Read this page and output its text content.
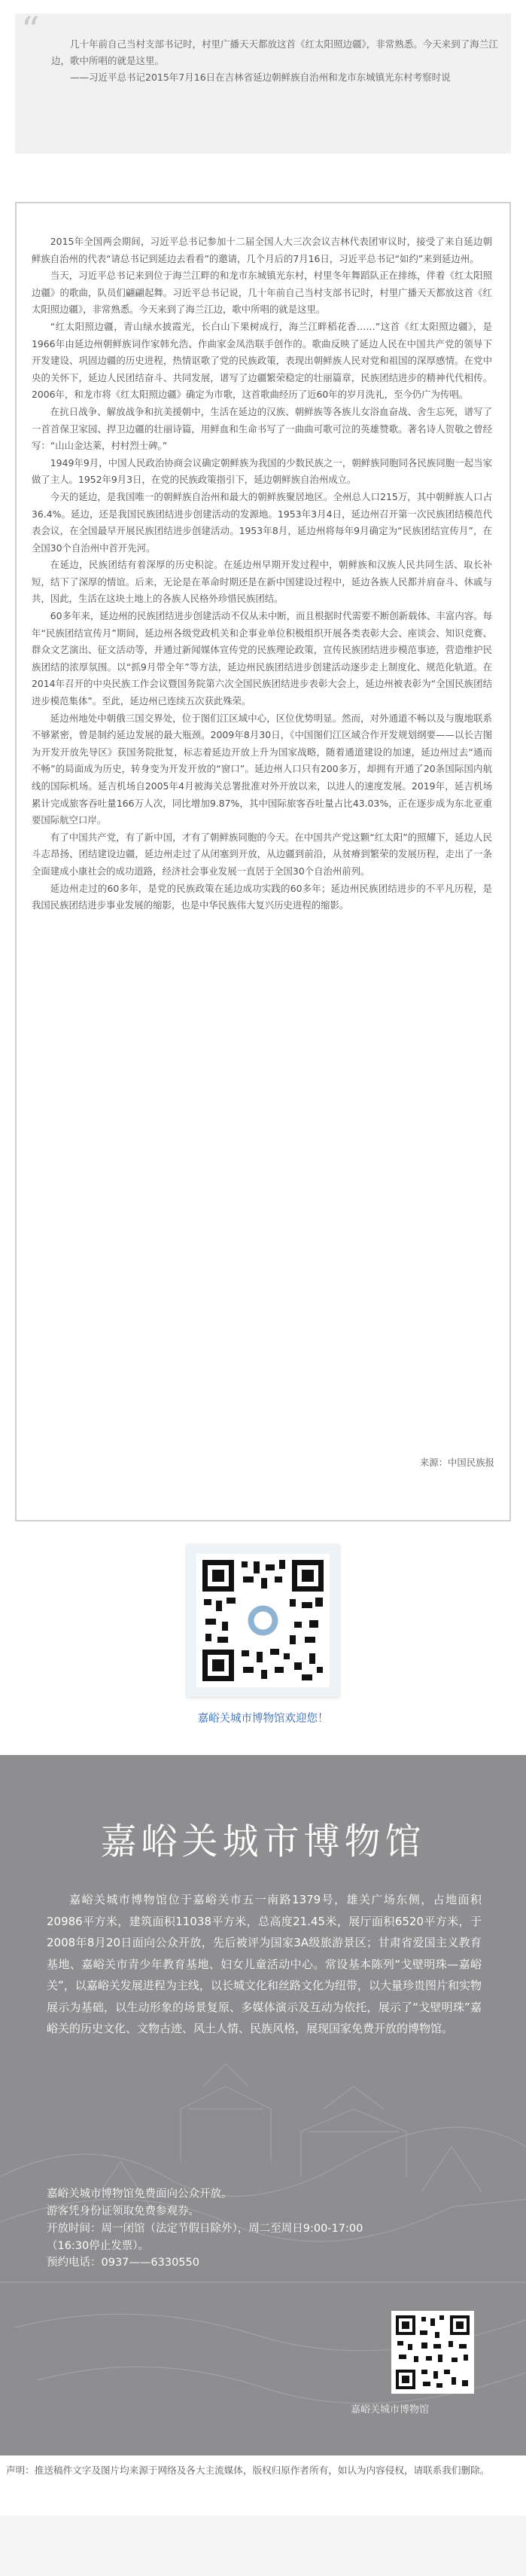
“	几十年前自己当村支部书记时，村里广播天天都放这首《红太阳照边疆》，非常熟悉。今天来到了海兰江边，歌中所唱的就是这里。

——习近平总书记2015年7月16日在吉林省延边朝鲜族自治州和龙市东城镇光东村考察时说

2015年全国两会期间，习近平总书记参加十二届全国人大三次会议吉林代表团审议时，接受了来自延边朝鲜族自治州的代表“请总书记到延边去看看”的邀请，几个月后的7月16日，习近平总书记“如约”来到延边州。

当天，习近平总书记来到位于海兰江畔的和龙市东城镇光东村，村里冬年舞蹈队正在排练，伴着《红太阳照边疆》的歌曲，队员们翩翩起舞。习近平总书记说，几十年前自己当村支部书记时，村里广播天天都放这首《红太阳照边疆》，非常熟悉。今天来到了海兰江边，歌中所唱的就是这里。

“红太阳照边疆，青山绿水披霞光，长白山下果树成行，海兰江畔稻花香……”这首《红太阳照边疆》，是1966年由延边州朝鲜族词作家韩允浩、作曲家金凤浩联手创作的。歌曲反映了延边人民在中国共产党的领导下开发建设、巩固边疆的历史进程，热情讴歌了党的民族政策，表现出朝鲜族人民对党和祖国的深厚感情。在党中央的关怀下，延边人民团结奋斗、共同发展，谱写了边疆繁荣稳定的壮丽篇章，民族团结进步的精神代代相传。2006年，和龙市将《红太阳照边疆》确定为市歌，这首歌曲经历了近60年的岁月洗礼，至今仍广为传唱。

在抗日战争、解放战争和抗美援朝中，生活在延边的汉族、朝鲜族等各族儿女浴血奋战、舍生忘死，谱写了一首首保卫家园、捍卫边疆的壮丽诗篇，用鲜血和生命书写了一曲曲可歌可泣的英雄赞歌。著名诗人贺敬之曾经写：“山山金达莱，村村烈士碑。”

1949年9月，中国人民政治协商会议确定朝鲜族为我国的少数民族之一，朝鲜族同胞同各民族同胞一起当家做了主人。1952年9月3日，在党的民族政策指引下，延边朝鲜族自治州成立。

今天的延边，是我国唯一的朝鲜族自治州和最大的朝鲜族聚居地区。全州总人口215万，其中朝鲜族人口占36.4%。延边，还是我国民族团结进步创建活动的发源地。1953年3月4日，延边州召开第一次民族团结模范代表会议，在全国最早开展民族团结进步创建活动。1953年8月，延边州将每年9月确定为“民族团结宣传月”，在全国30个自治州中首开先河。

在延边，民族团结有着深厚的历史积淀。在延边州早期开发过程中，朝鲜族和汉族人民共同生活、取长补短，结下了深厚的情谊。后来，无论是在革命时期还是在新中国建设过程中，延边各族人民都并肩奋斗、休戚与共，因此，生活在这块土地上的各族人民格外珍惜民族团结。

60多年来，延边州的民族团结进步创建活动不仅从未中断，而且根据时代需要不断创新载体、丰富内容。每年“民族团结宣传月”期间，延边州各级党政机关和企事业单位积极组织开展各类表彰大会、座谈会、知识竞赛、群众文艺演出、征文活动等，并通过新闻媒体宣传党的民族理论政策，宣传民族团结进步模范事迹，营造维护民族团结的浓厚氛围。以“抓9月带全年”等方法，延边州民族团结进步创建活动逐步走上制度化、规范化轨道。在2014年召开的中央民族工作会议暨国务院第六次全国民族团结进步表彰大会上，延边州被表彰为“全国民族团结进步模范集体”。至此，延边州已连续五次获此殊荣。

延边州地处中朝俄三国交界处，位于图们江区域中心，区位优势明显。然而，对外通道不畅以及与腹地联系不够紧密，曾是制约延边发展的最大瓶颈。2009年8月30日，《中国图们江区域合作开发规划纲要——以长吉图为开发开放先导区》获国务院批复，标志着延边开放上升为国家战略，随着通道建设的加速，延边州过去“通而不畅”的局面成为历史，转身变为开发开放的“窗口”。延边州人口只有200多万，却拥有开通了20条国际国内航线的国际机场。延吉机场自2005年4月被海关总署批准对外开放以来，以进人的速度发展。2019年，延吉机场累计完成旅客吞吐量166万人次，同比增加9.87%，其中国际旅客吞吐量占比43.03%，正在逐步成为东北亚重要国际航空口岸。

有了中国共产党，有了新中国，才有了朝鲜族同胞的今天。在中国共产党这颗“红太阳”的照耀下，延边人民斗志昂扬、团结建设边疆，延边州走过了从闭塞到开放，从边疆到前沿，从贫瘠到繁荣的发展历程，走出了一条全面建成小康社会的成功道路，经济社会事业发展一直居于全国30个自治州前列。

延边州走过的60多年，是党的民族政策在延边成功实践的60多年；延边州民族团结进步的不平凡历程，是我国民族团结进步事业发展的缩影，也是中华民族伟大复兴历史进程的缩影。

来源：中国民族报
嘉峪关城市博物馆欢迎您！
嘉峪关城市博物馆

嘉峪关城市博物馆位于嘉峪关市五一南路1379号，雄关广场东侧，占地面积20986平方米，建筑面积11038平方米，总高度21.45米，展厅面积6520平方米，于2008年8月20日面向公众开放，先后被评为国家3A级旅游景区；甘肃省爱国主义教育基地、嘉峪关市青少年教育基地、妇女儿童活动中心。常设基本陈列“戈壁明珠—嘉峪关”，以嘉峪关发展进程为主线，以长城文化和丝路文化为纽带，以大量珍贵图片和实物展示为基础，以生动形象的场景复原、多媒体演示及互动为依托，展示了“戈壁明珠”嘉峪关的历史文化、文物古迹、风土人情、民族风格，展现国家免费开放的博物馆。

嘉峪关城市博物馆免费面向公众开放。
游客凭身份证领取免费参观券。
开放时间：周一闭馆（法定节假日除外），周二至周日9:00-17:00（16:30停止发票）。
预约电话：0937——6330550
嘉峪关城市博物馆
声明：推送稿件文字及图片均来源于网络及各大主流媒体，版权归原作者所有，如认为内容侵权，请联系我们删除。
